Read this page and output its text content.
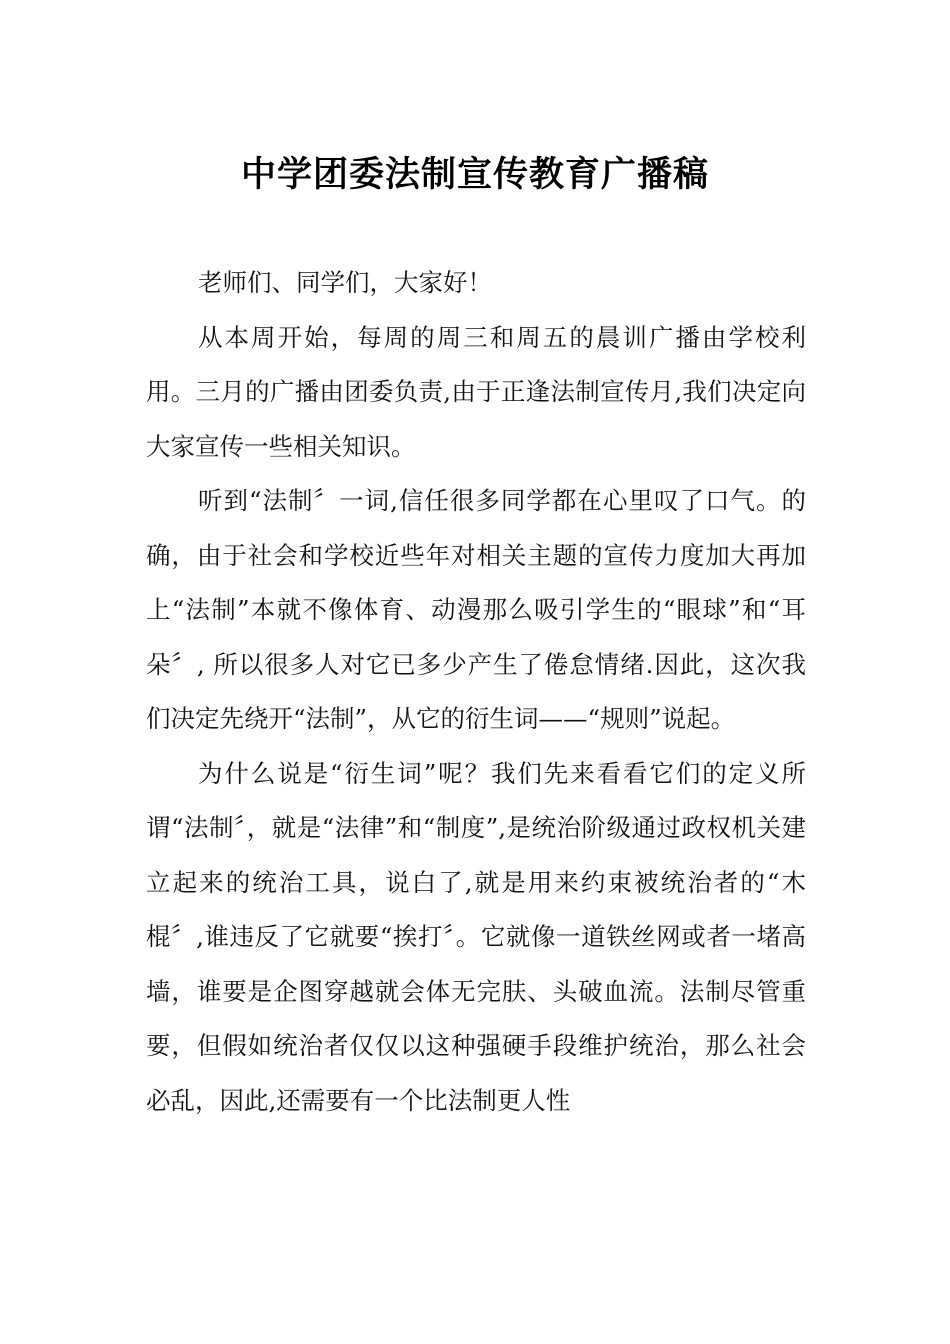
中学团委法制宣传教育广播稿

老师们、同学们，大家好！

从本周开始，每周的周三和周五的晨训广播由学校利用。三月的广播由团委负责,由于正逢法制宣传月,我们决定向大家宣传一些相关知识。

听到“法制〞一词,信任很多同学都在心里叹了口气。的确，由于社会和学校近些年对相关主题的宣传力度加大再加上“法制”本就不像体育、动漫那么吸引学生的“眼球”和“耳朵〞, 所以很多人对它已多少产生了倦怠情绪.因此，这次我们决定先绕开“法制”，从它的衍生词——“规则”说起。

为什么说是“衍生词”呢？我们先来看看它们的定义所谓“法制〞，就是“法律”和“制度”,是统治阶级通过政权机关建立起来的统治工具，说白了,就是用来约束被统治者的“木棍〞,谁违反了它就要“挨打〞。它就像一道铁丝网或者一堵高墙，谁要是企图穿越就会体无完肤、头破血流。法制尽管重要，但假如统治者仅仅以这种强硬手段维护统治，那么社会必乱，因此,还需要有一个比法制更人性
